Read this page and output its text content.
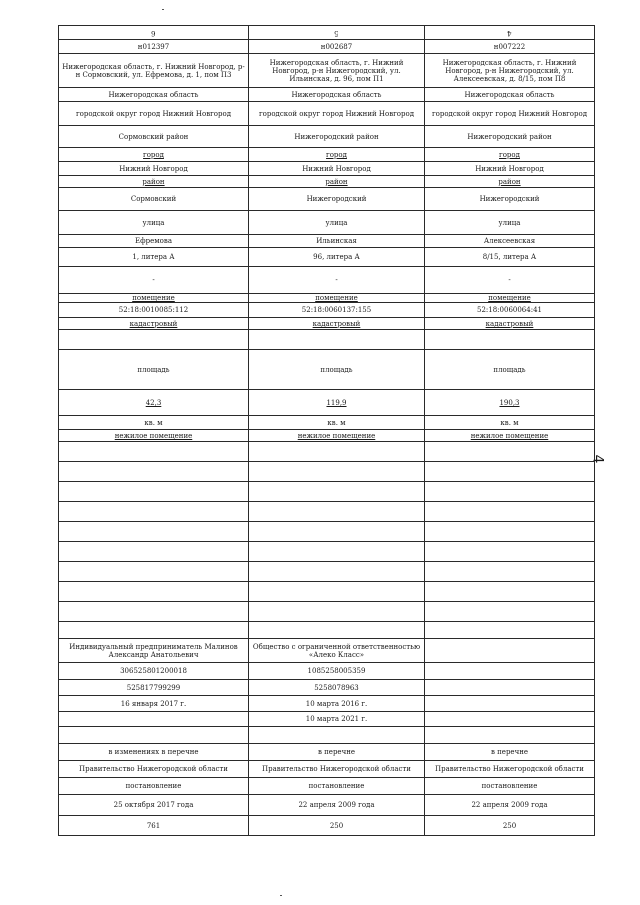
6	5	4
н012397	н002687	н007222
Нижегородская область, г. Нижний Новгород, р-н Сормовский, ул. Ефремова, д. 1, пом П3	Нижегородская область, г. Нижний Новгород, р-н Нижегородский, ул. Ильинская, д. 96, пом П1	Нижегородская область, г. Нижний Новгород, р-н Нижегородский, ул. Алексеевская, д. 8/15, пом П8
Нижегородская область	Нижегородская область	Нижегородская область
городской округ город Нижний Новгород	городской округ город Нижний Новгород	городской округ город Нижний Новгород
Сормовский район	Нижегородский район	Нижегородский район
город	город	город
Нижний Новгород	Нижний Новгород	Нижний Новгород
район	район	район
Сормовский	Нижегородский	Нижегородский
улица	улица	улица
Ефремова	Ильинская	Алексеевская
1, литера А	96, литера А	8/15, литера А
-	-	-
помещение	помещение	помещение
52:18:0010085:112	52:18:0060137:155	52:18:0060064:41
кадастровый	кадастровый	кадастровый

площадь	площадь	площадь
42,3	119,9	190,3
кв. м	кв. м	кв. м
нежилое помещение	нежилое помещение	нежилое помещение

Индивидуальный предприниматель Малинов Александр Анатольевич	Общество с ограниченной ответственностью «Алеко Класс»	
306525801200018	1085258005359	
525817799299	5258078963	
16 января 2017 г.	10 марта 2016 г.	
	10 марта 2021 г.	

в изменениях в перечне	в перечне	в перечне
Правительство Нижегородской области	Правительство Нижегородской области	Правительство Нижегородской области
постановление	постановление	постановление
25 октября 2017 года	22 апреля 2009 года	22 апреля 2009 года
761	250	250
4
